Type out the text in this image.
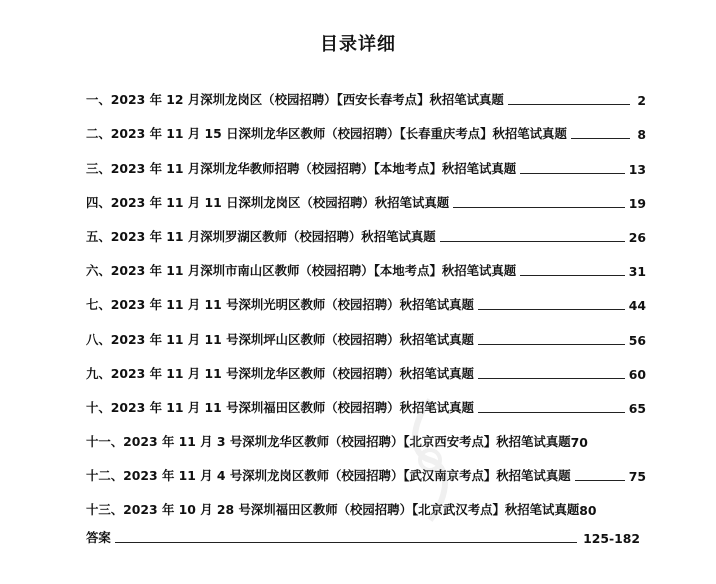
目录详细
一、2023 年 12 月深圳龙岗区（校园招聘）【西安长春考点】秋招笔试真题	2
二、2023 年 11 月 15 日深圳龙华区教师（校园招聘）【长春重庆考点】秋招笔试真题	8
三、2023 年 11 月深圳龙华教师招聘（校园招聘）【本地考点】秋招笔试真题	13
四、2023 年 11 月 11 日深圳龙岗区（校园招聘）秋招笔试真题	19
五、2023 年 11 月深圳罗湖区教师（校园招聘）秋招笔试真题	26
六、2023 年 11 月深圳市南山区教师（校园招聘）【本地考点】秋招笔试真题	31
七、2023 年 11 月 11 号深圳光明区教师（校园招聘）秋招笔试真题	44
八、2023 年 11 月 11 号深圳坪山区教师（校园招聘）秋招笔试真题	56
九、2023 年 11 月 11 号深圳龙华区教师（校园招聘）秋招笔试真题	60
十、2023 年 11 月 11 号深圳福田区教师（校园招聘）秋招笔试真题	65
十一、2023 年 11 月 3 号深圳龙华区教师（校园招聘）【北京西安考点】秋招笔试真题 70
十二、2023 年 11 月 4 号深圳龙岗区教师（校园招聘）【武汉南京考点】秋招笔试真题	75
十三、2023 年 10 月 28 号深圳福田区教师（校园招聘）【北京武汉考点】秋招笔试真题 80
答案	125-182
